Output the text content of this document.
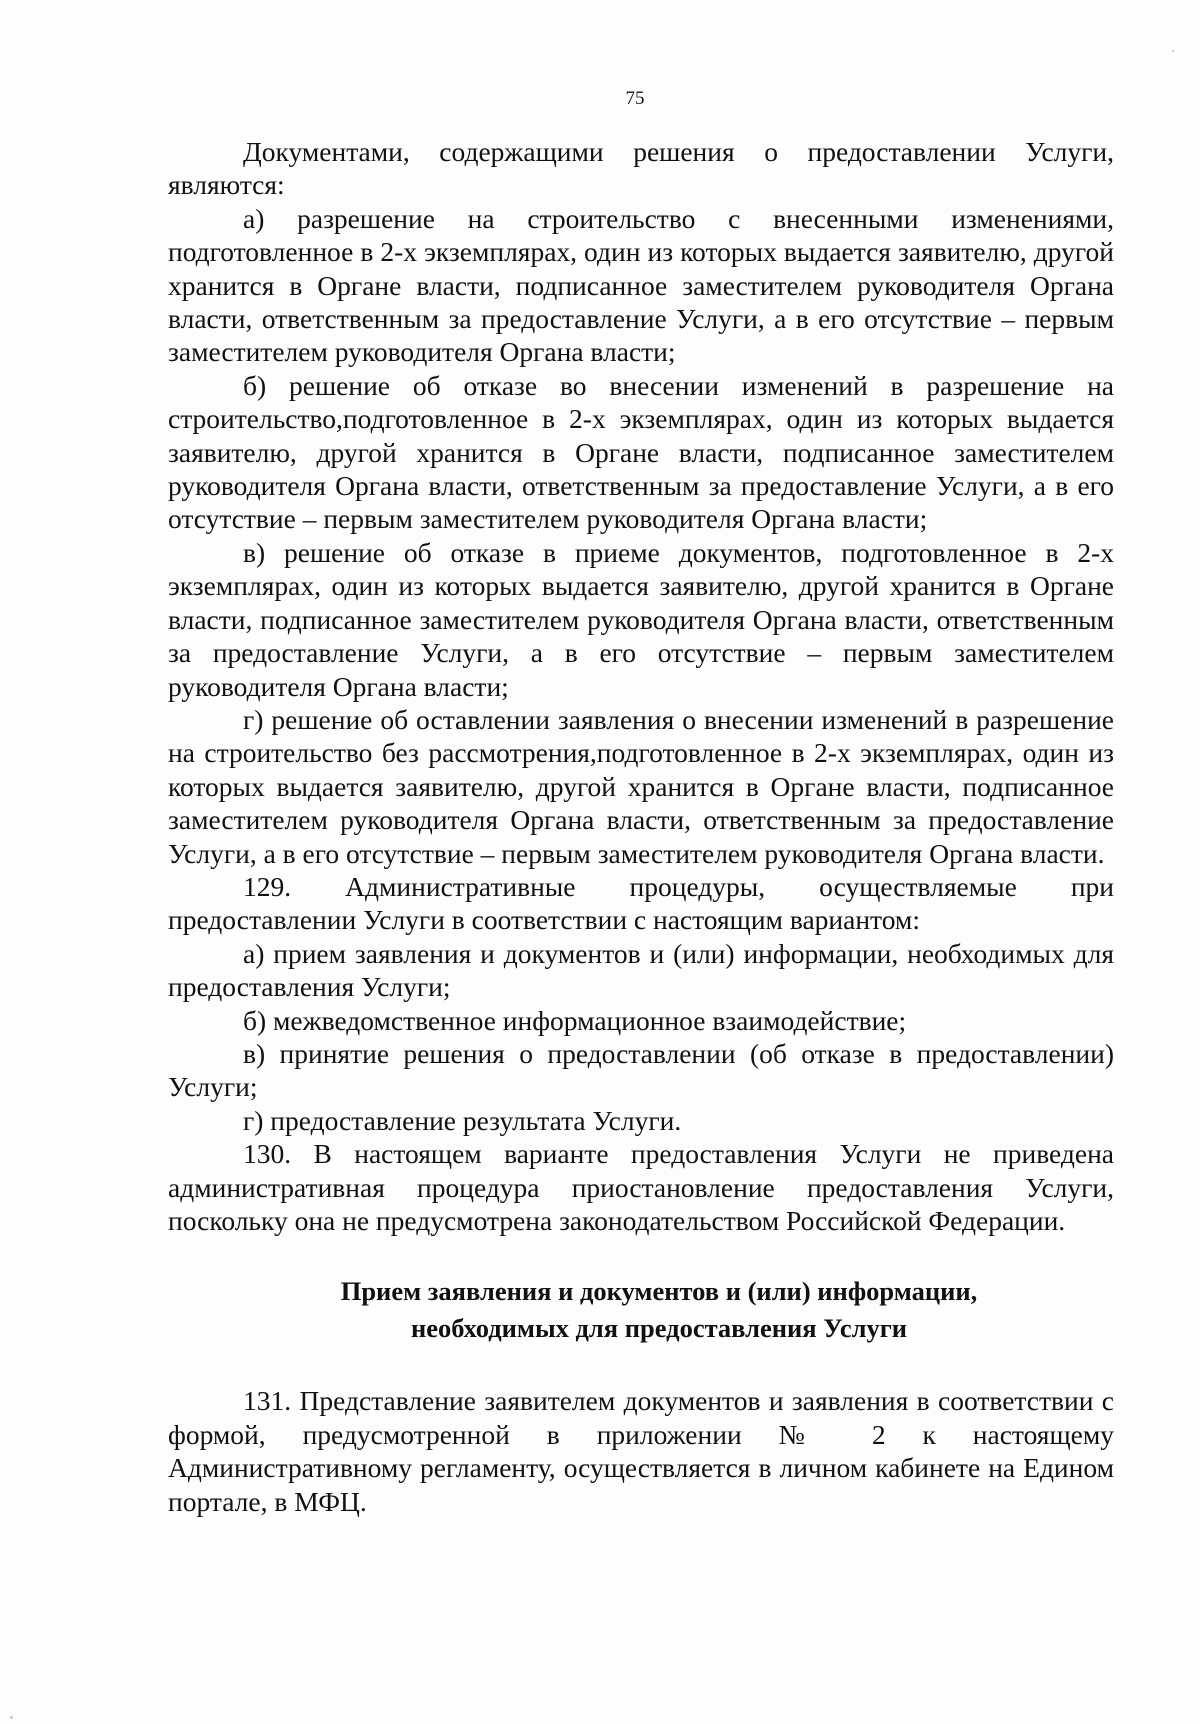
75

Документами, содержащими решения о предоставлении Услуги, являются:

а) разрешение на строительство с внесенными изменениями, подготовленное в 2-х экземплярах, один из которых выдается заявителю, другой хранится в Органе власти, подписанное заместителем руководителя Органа власти, ответственным за предоставление Услуги, а в его отсутствие – первым заместителем руководителя Органа власти;

б) решение об отказе во внесении изменений в разрешение на строительство,подготовленное в 2-х экземплярах, один из которых выдается заявителю, другой хранится в Органе власти, подписанное заместителем руководителя Органа власти, ответственным за предоставление Услуги, а в его отсутствие – первым заместителем руководителя Органа власти;

в) решение об отказе в приеме документов, подготовленное в 2-х экземплярах, один из которых выдается заявителю, другой хранится в Органе власти, подписанное заместителем руководителя Органа власти, ответственным за предоставление Услуги, а в его отсутствие – первым заместителем руководителя Органа власти;

г) решение об оставлении заявления о внесении изменений в разрешение на строительство без рассмотрения,подготовленное в 2-х экземплярах, один из которых выдается заявителю, другой хранится в Органе власти, подписанное заместителем руководителя Органа власти, ответственным за предоставление Услуги, а в его отсутствие – первым заместителем руководителя Органа власти.

129. Административные процедуры, осуществляемые при предоставлении Услуги в соответствии с настоящим вариантом:

а) прием заявления и документов и (или) информации, необходимых для предоставления Услуги;

б) межведомственное информационное взаимодействие;

в) принятие решения о предоставлении (об отказе в предоставлении) Услуги;

г) предоставление результата Услуги.

130. В настоящем варианте предоставления Услуги не приведена административная процедура приостановление предоставления Услуги, поскольку она не предусмотрена законодательством Российской Федерации.

Прием заявления и документов и (или) информации,
необходимых для предоставления Услуги

131. Представление заявителем документов и заявления в соответствии с формой, предусмотренной в приложении № 2 к настоящему Административному регламенту, осуществляется в личном кабинете на Едином портале, в МФЦ.
